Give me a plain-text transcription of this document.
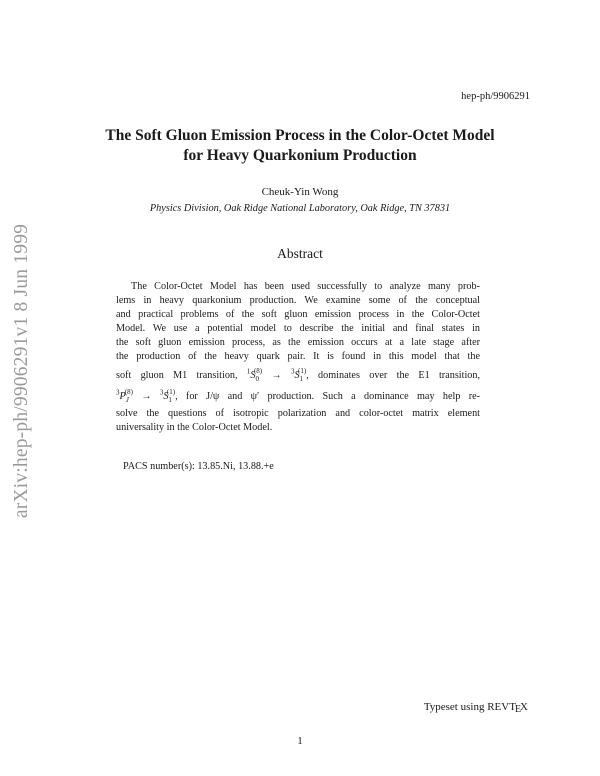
arXiv:hep-ph/9906291v1 8 Jun 1999
hep-ph/9906291
The Soft Gluon Emission Process in the Color-Octet Model
for Heavy Quarkonium Production
Cheuk-Yin Wong
Physics Division, Oak Ridge National Laboratory, Oak Ridge, TN 37831
Abstract
The Color-Octet Model has been used successfully to analyze many prob-
lems in heavy quarkonium production. We examine some of the conceptual
and practical problems of the soft gluon emission process in the Color-Octet
Model. We use a potential model to describe the initial and final states in
the soft gluon emission process, as the emission occurs at a late stage after
the production of the heavy quark pair. It is found in this model that the
soft gluon M1 transition, $^1S_0^{(8)} \to ^3S_1^{(1)}$, dominates over the E1 transition,
$^3P_J^{(8)} \to ^3S_1^{(1)}$, for J/ψ and ψ′ production. Such a dominance may help re-
solve the questions of isotropic polarization and color-octet matrix element
universality in the Color-Octet Model.
PACS number(s): 13.85.Ni, 13.88.+e
Typeset using REVTEX
1
